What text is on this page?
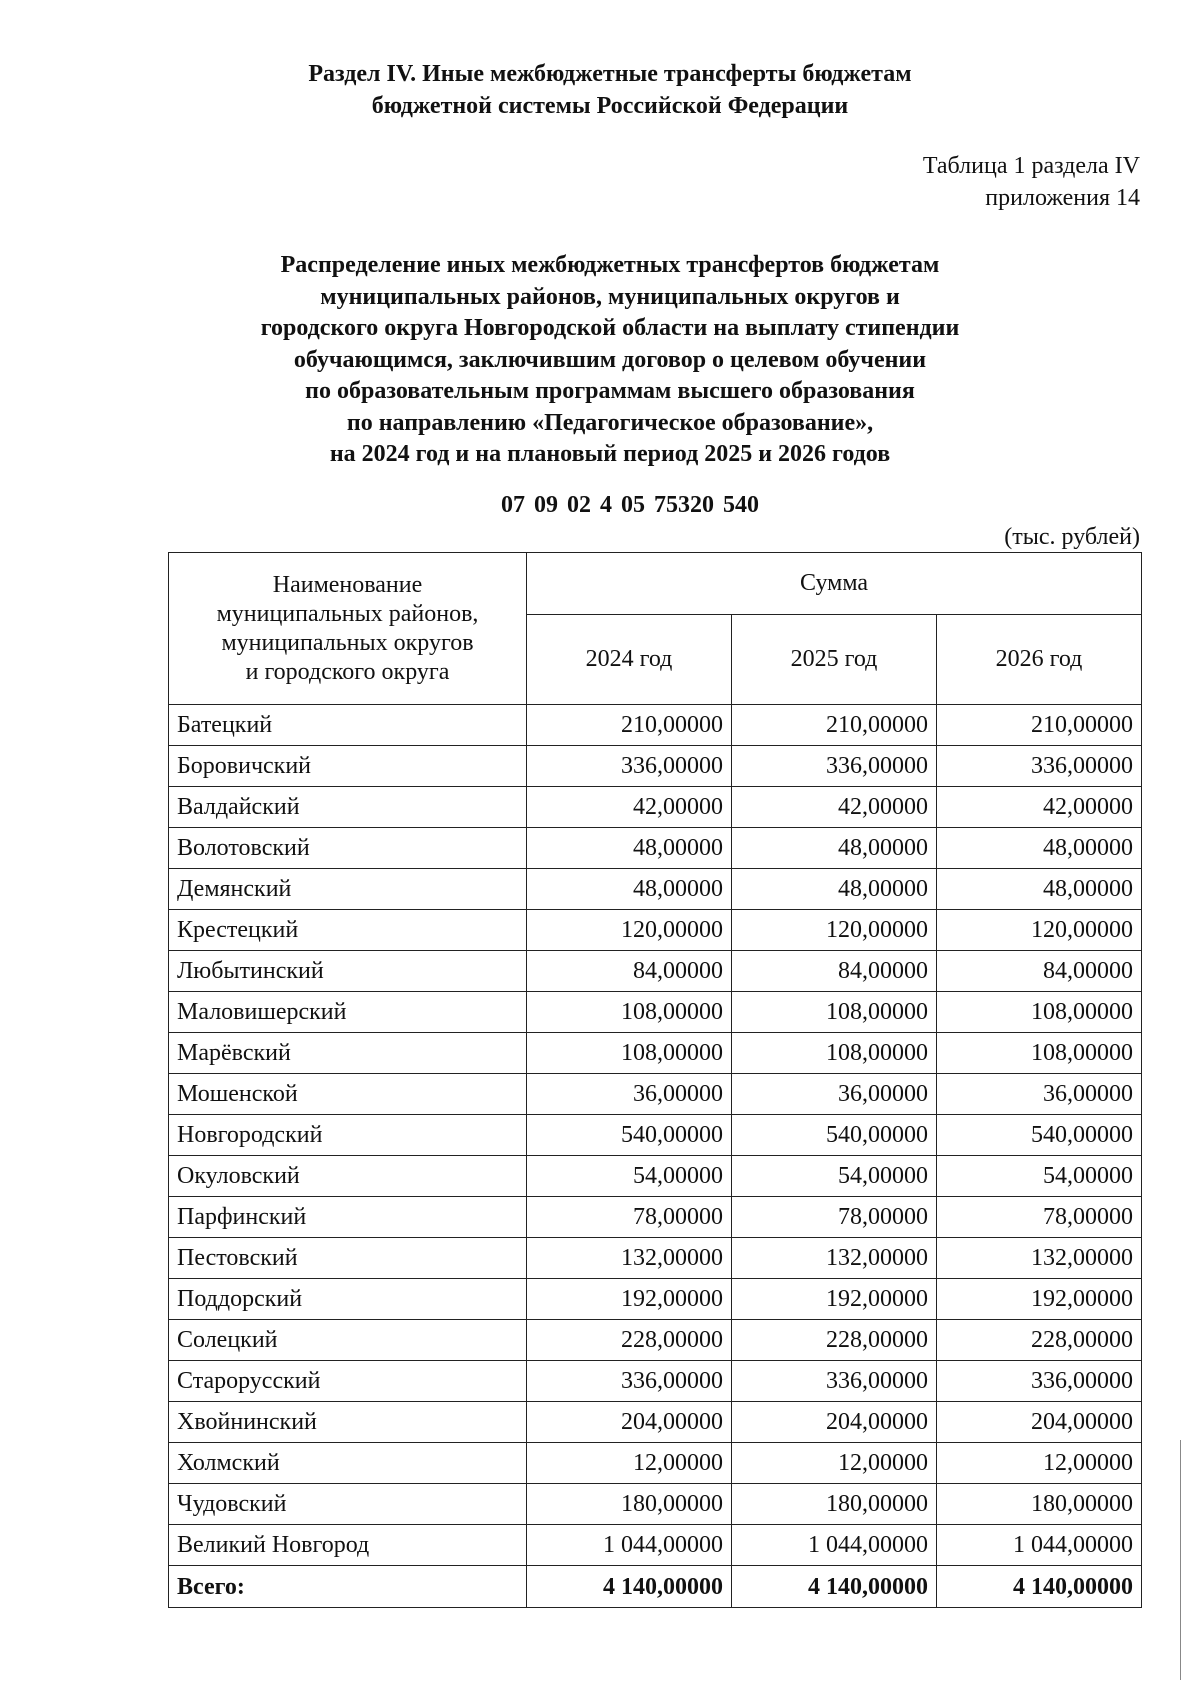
Раздел IV. Иные межбюджетные трансферты бюджетам
бюджетной системы Российской Федерации
Таблица 1 раздела IV
приложения 14
Распределение иных межбюджетных трансфертов бюджетам
муниципальных районов, муниципальных округов и
городского округа Новгородской области на выплату стипендии
обучающимся, заключившим договор о целевом обучении
по образовательным программам высшего образования
по направлению «Педагогическое образование»,
на 2024 год и на плановый период 2025 и 2026 годов
07 09 02 4 05 75320 540
(тыс. рублей)
Наименование
муниципальных районов,
муниципальных округов
и городского округа	Сумма		
	2024 год	2025 год	2026 год
Батецкий	210,00000	210,00000	210,00000
Боровичский	336,00000	336,00000	336,00000
Валдайский	42,00000	42,00000	42,00000
Волотовский	48,00000	48,00000	48,00000
Демянский	48,00000	48,00000	48,00000
Крестецкий	120,00000	120,00000	120,00000
Любытинский	84,00000	84,00000	84,00000
Маловишерский	108,00000	108,00000	108,00000
Марёвский	108,00000	108,00000	108,00000
Мошенской	36,00000	36,00000	36,00000
Новгородский	540,00000	540,00000	540,00000
Окуловский	54,00000	54,00000	54,00000
Парфинский	78,00000	78,00000	78,00000
Пестовский	132,00000	132,00000	132,00000
Поддорский	192,00000	192,00000	192,00000
Солецкий	228,00000	228,00000	228,00000
Старорусский	336,00000	336,00000	336,00000
Хвойнинский	204,00000	204,00000	204,00000
Холмский	12,00000	12,00000	12,00000
Чудовский	180,00000	180,00000	180,00000
Великий Новгород	1 044,00000	1 044,00000	1 044,00000
Всего:	4 140,00000	4 140,00000	4 140,00000
